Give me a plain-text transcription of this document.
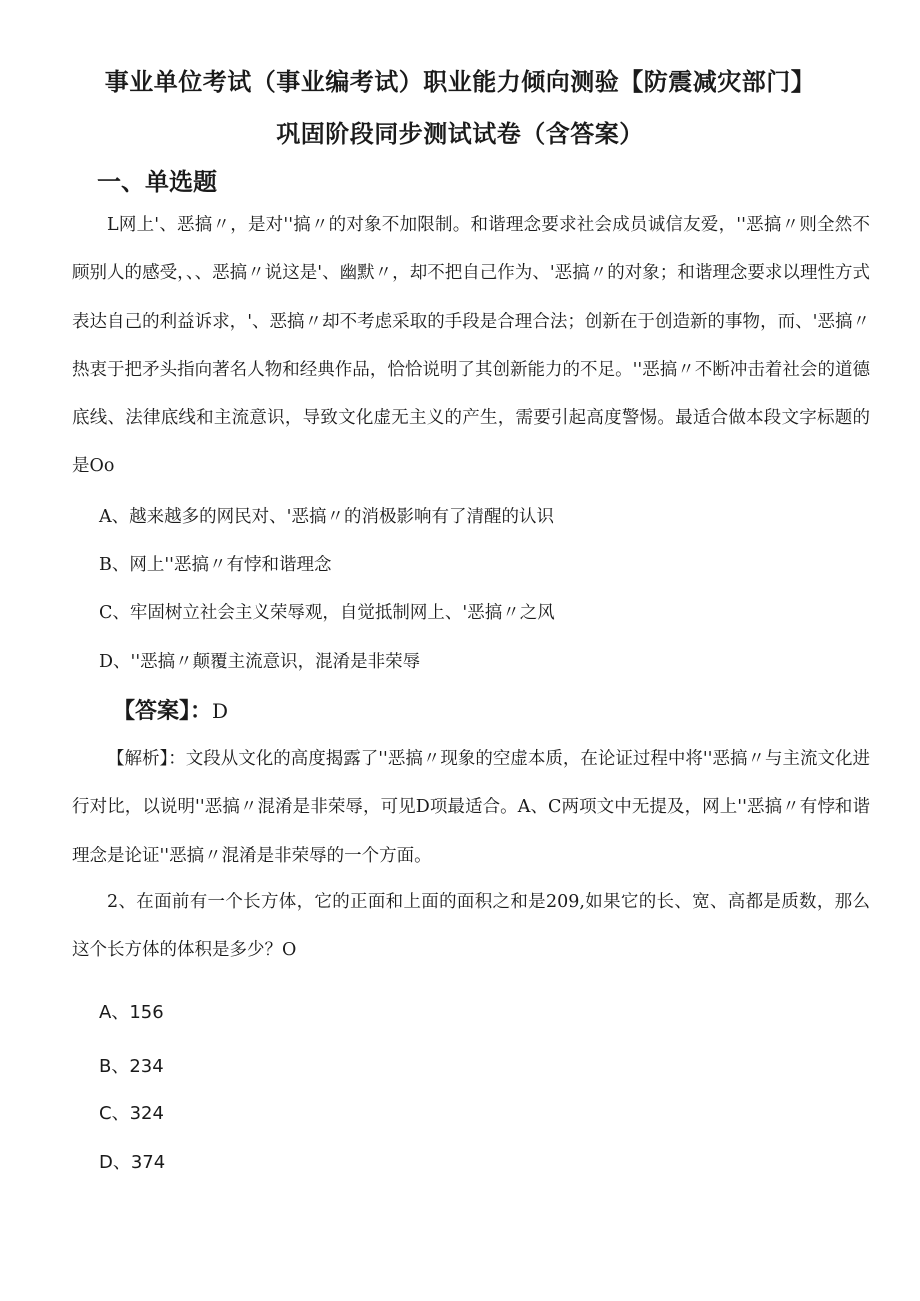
事业单位考试（事业编考试）职业能力倾向测验【防震减灾部门】
巩固阶段同步测试试卷（含答案）
一、单选题

L网上'、恶搞〃，是对''搞〃的对象不加限制。和谐理念要求社会成员诚信友爱，''恶搞〃则全然不顾别人的感受，、、恶搞〃说这是'、幽默〃，却不把自己作为、'恶搞〃的对象；和谐理念要求以理性方式表达自己的利益诉求，'、恶搞〃却不考虑采取的手段是合理合法；创新在于创造新的事物，而、'恶搞〃热衷于把矛头指向著名人物和经典作品，恰恰说明了其创新能力的不足。''恶搞〃不断冲击着社会的道德底线、法律底线和主流意识，导致文化虚无主义的产生，需要引起高度警惕。最适合做本段文字标题的是Oo

A、越来越多的网民对、'恶搞〃的消极影响有了清醒的认识

B、网上''恶搞〃有悖和谐理念

C、牢固树立社会主义荣辱观，自觉抵制网上、'恶搞〃之风

D、''恶搞〃颠覆主流意识，混淆是非荣辱

【答案】：D

【解析】：文段从文化的高度揭露了''恶搞〃现象的空虚本质，在论证过程中将''恶搞〃与主流文化进行对比，以说明''恶搞〃混淆是非荣辱，可见D项最适合。A、C两项文中无提及，网上''恶搞〃有悖和谐理念是论证''恶搞〃混淆是非荣辱的一个方面。

2、在面前有一个长方体，它的正面和上面的面积之和是209,如果它的长、宽、高都是质数，那么这个长方体的体积是多少？O

A、156

B、234

C、324

D、374
